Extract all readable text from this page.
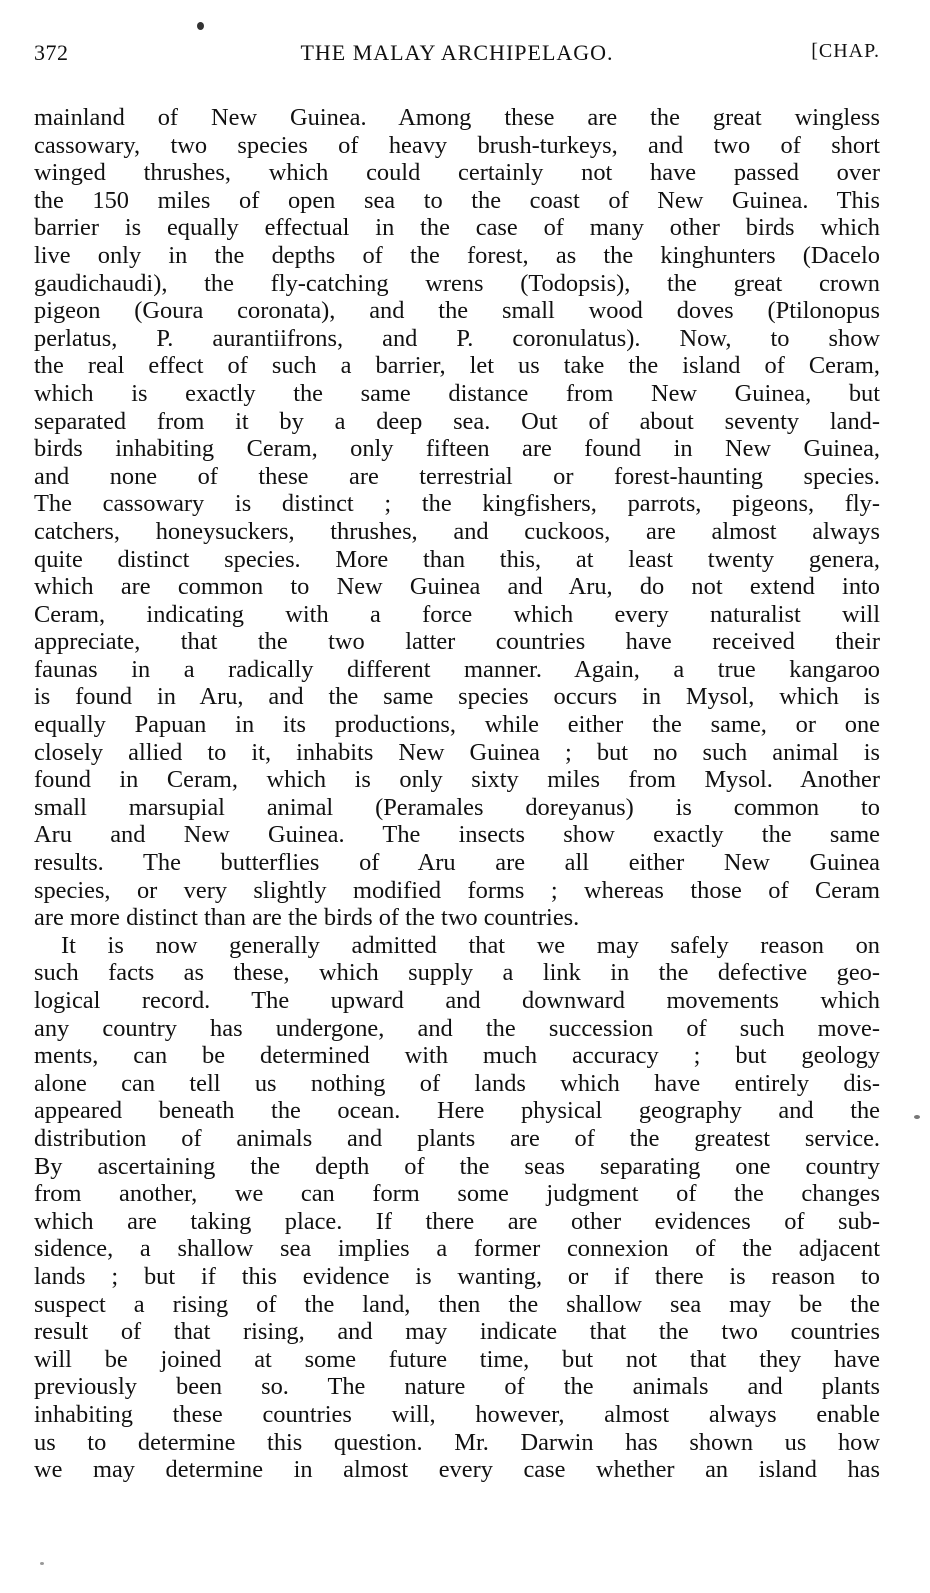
372	THE MALAY ARCHIPELAGO.	[CHAP.
mainland of New Guinea. Among these are the great wingless
cassowary, two species of heavy brush-turkeys, and two of short
winged thrushes, which could certainly not have passed over
the 150 miles of open sea to the coast of New Guinea. This
barrier is equally effectual in the case of many other birds which
live only in the depths of the forest, as the kinghunters (Dacelo
gaudichaudi), the fly-catching wrens (Todopsis), the great crown
pigeon (Goura coronata), and the small wood doves (Ptilonopus
perlatus, P. aurantiifrons, and P. coronulatus). Now, to show
the real effect of such a barrier, let us take the island of Ceram,
which is exactly the same distance from New Guinea, but
separated from it by a deep sea. Out of about seventy land-
birds inhabiting Ceram, only fifteen are found in New Guinea,
and none of these are terrestrial or forest-haunting species.
The cassowary is distinct ; the kingfishers, parrots, pigeons, fly-
catchers, honeysuckers, thrushes, and cuckoos, are almost always
quite distinct species. More than this, at least twenty genera,
which are common to New Guinea and Aru, do not extend into
Ceram, indicating with a force which every naturalist will
appreciate, that the two latter countries have received their
faunas in a radically different manner. Again, a true kangaroo
is found in Aru, and the same species occurs in Mysol, which is
equally Papuan in its productions, while either the same, or one
closely allied to it, inhabits New Guinea ; but no such animal is
found in Ceram, which is only sixty miles from Mysol. Another
small marsupial animal (Peramales doreyanus) is common to
Aru and New Guinea. The insects show exactly the same
results. The butterflies of Aru are all either New Guinea
species, or very slightly modified forms ; whereas those of Ceram
are more distinct than are the birds of the two countries.
It is now generally admitted that we may safely reason on
such facts as these, which supply a link in the defective geo-
logical record. The upward and downward movements which
any country has undergone, and the succession of such move-
ments, can be determined with much accuracy ; but geology
alone can tell us nothing of lands which have entirely dis-
appeared beneath the ocean. Here physical geography and the
distribution of animals and plants are of the greatest service.
By ascertaining the depth of the seas separating one country
from another, we can form some judgment of the changes
which are taking place. If there are other evidences of sub-
sidence, a shallow sea implies a former connexion of the adjacent
lands ; but if this evidence is wanting, or if there is reason to
suspect a rising of the land, then the shallow sea may be the
result of that rising, and may indicate that the two countries
will be joined at some future time, but not that they have
previously been so. The nature of the animals and plants
inhabiting these countries will, however, almost always enable
us to determine this question. Mr. Darwin has shown us how
we may determine in almost every case whether an island has
